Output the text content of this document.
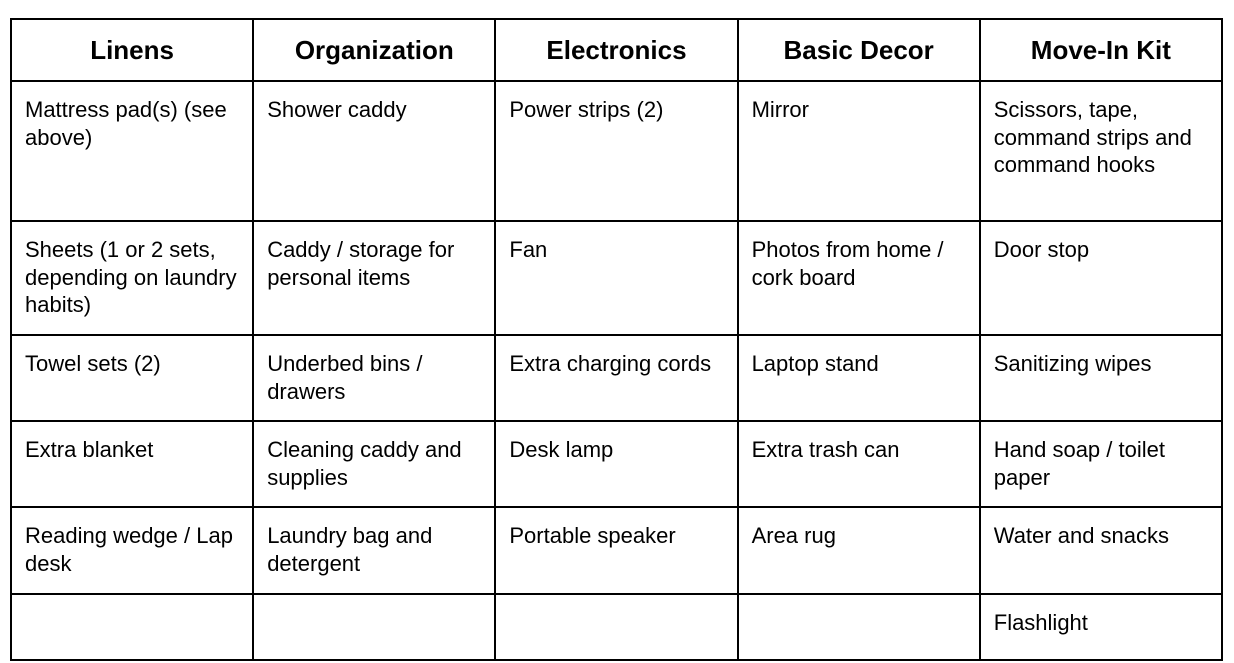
Linens	Organization	Electronics	Basic Decor	Move-In Kit
Mattress pad(s) (see above)	Shower caddy	Power strips (2)	Mirror	Scissors, tape, command strips and command hooks
Sheets (1 or 2 sets, depending on laundry habits)	Caddy / storage for personal items	Fan	Photos from home / cork board	Door stop
Towel sets (2)	Underbed bins / drawers	Extra charging cords	Laptop stand	Sanitizing wipes
Extra blanket	Cleaning caddy and supplies	Desk lamp	Extra trash can	Hand soap / toilet paper
Reading wedge / Lap desk	Laundry bag and detergent	Portable speaker	Area rug	Water and snacks
				Flashlight
